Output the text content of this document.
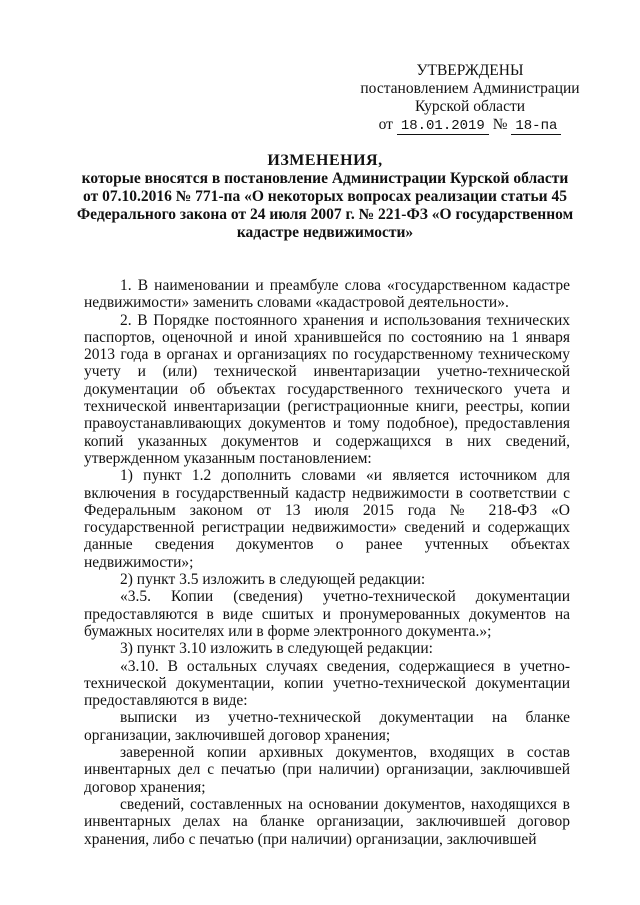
УТВЕРЖДЕНЫ
постановлением Администрации
Курской области
от 18.01.2019 № 18-па
ИЗМЕНЕНИЯ,
которые вносятся в постановление Администрации Курской области
от 07.10.2016 № 771-па «О некоторых вопросах реализации статьи 45
Федерального закона от 24 июля 2007 г. № 221-ФЗ «О государственном
кадастре недвижимости»

1. В наименовании и преамбуле слова «государственном кадастре недвижимости» заменить словами «кадастровой деятельности».

2. В Порядке постоянного хранения и использования технических паспортов, оценочной и иной хранившейся по состоянию на 1 января 2013 года в органах и организациях по государственному техническому учету и (или) технической инвентаризации учетно-технической документации об объектах государственного технического учета и технической инвентаризации (регистрационные книги, реестры, копии правоустанавливающих документов и тому подобное), предоставления копий указанных документов и содержащихся в них сведений, утвержденном указанным постановлением:

1) пункт 1.2 дополнить словами «и является источником для включения в государственный кадастр недвижимости в соответствии с Федеральным законом от 13 июля 2015 года № 218-ФЗ «О государственной регистрации недвижимости» сведений и содержащих данные сведения документов о ранее учтенных объектах недвижимости»;

2) пункт 3.5 изложить в следующей редакции:

«3.5. Копии (сведения) учетно-технической документации предоставляются в виде сшитых и пронумерованных документов на бумажных носителях или в форме электронного документа.»;

3) пункт 3.10 изложить в следующей редакции:

«3.10. В остальных случаях сведения, содержащиеся в учетно-технической документации, копии учетно-технической документации предоставляются в виде:

выписки из учетно-технической документации на бланке организации, заключившей договор хранения;

заверенной копии архивных документов, входящих в состав инвентарных дел с печатью (при наличии) организации, заключившей договор хранения;

сведений, составленных на основании документов, находящихся в инвентарных делах на бланке организации, заключившей договор хранения, либо с печатью (при наличии) организации, заключившей
